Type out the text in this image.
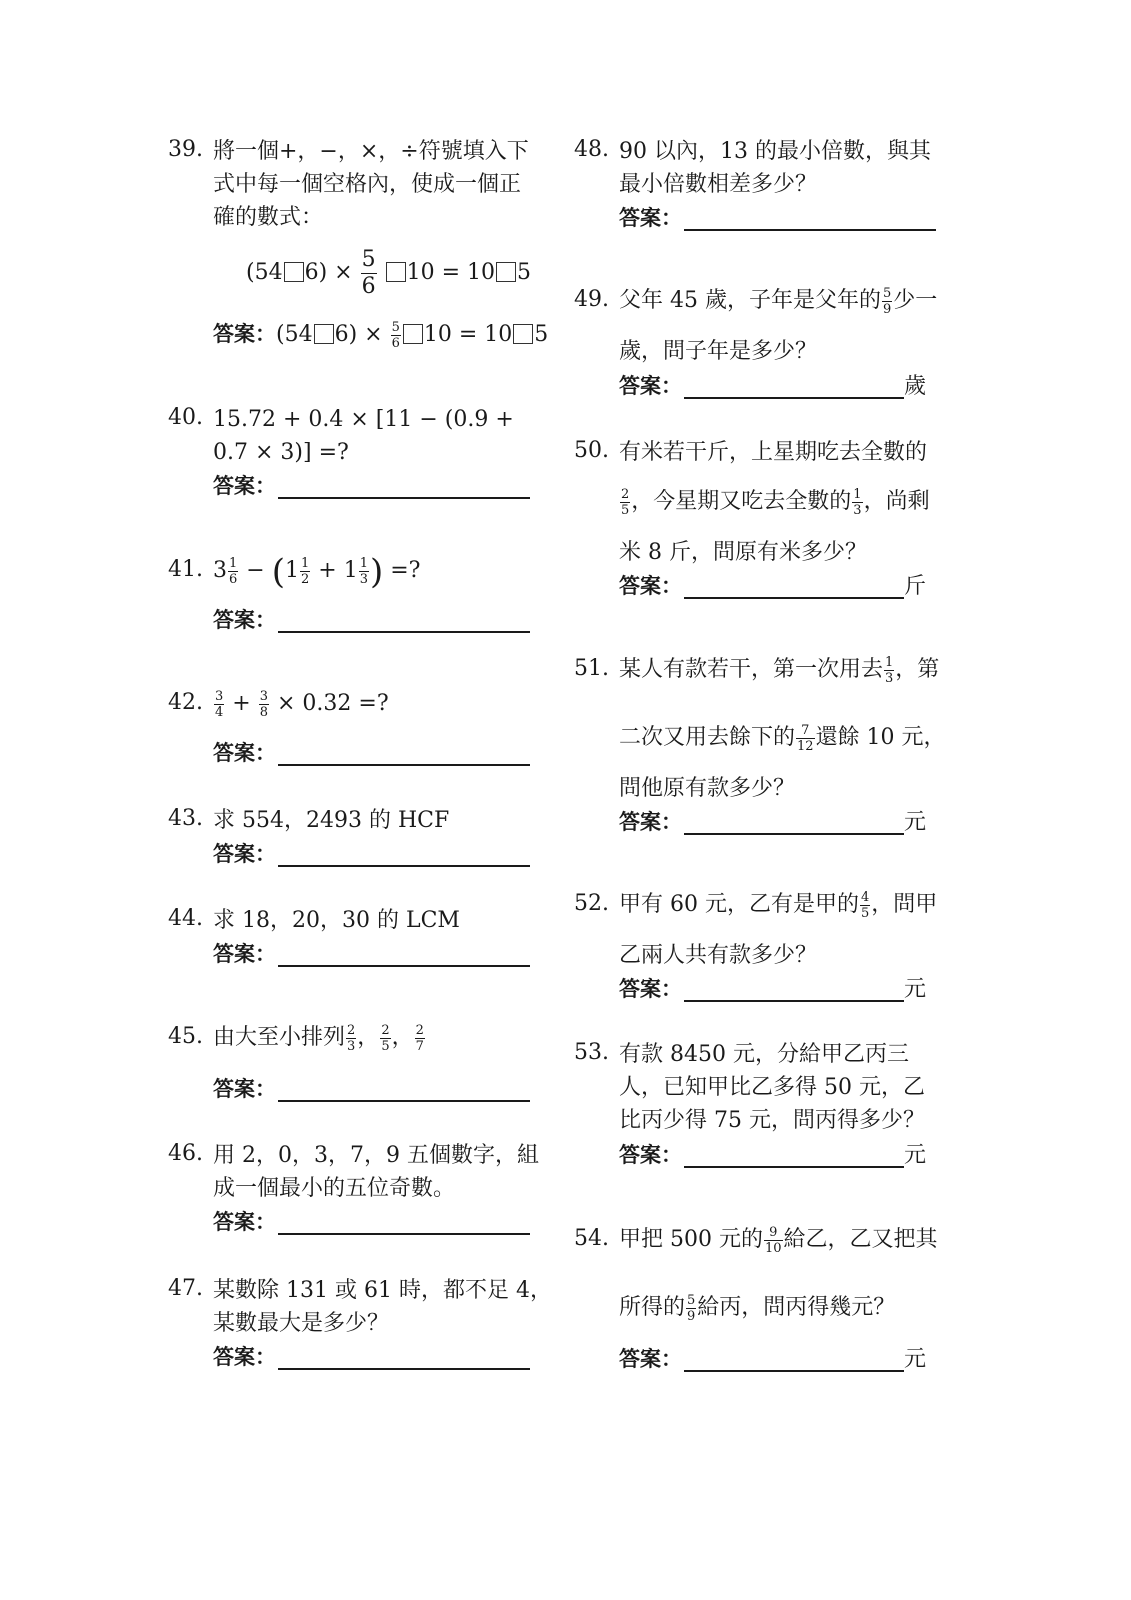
39. 將一個+，−，×，÷符號填入下
式中每一個空格內，使成一個正
確的數式：
(54 $6) \times \frac{5}{6} 10 = 10$ 5
答案：(54 $6) \times \frac{5}{6} 10 = 10$ 5
40. 15.72 + 0.4 × [11 − (0.9 +
0.7 × 3)] =?
答案：
41. $3 \frac{1}{6} - (1 \frac{1}{2} + 1 \frac{1}{3}$ ) =?
答案：
42. $\frac{3}{4} + \frac{3}{8} \times 0.32$ =?
答案：
43. 求 554，2493 的 HCF
答案：
44. 求 18，20，30 的 LCM
答案：
45. 由大至小排列 $\frac{2}{3}$ ， $\frac{2}{5}$ ， $\frac{2}{7}$
答案：
46. 用 2，0，3，7，9 五個數字，組
成一個最小的五位奇數。
答案：
47. 某數除 131 或 61 時，都不足 4，
某數最大是多少？
答案：
48. 90 以內，13 的最小倍數，與其
最小倍數相差多少？
答案：
49. 父年 45 歲，子年是父年的 $\frac{5}{9}$ 少一
歲，問子年是多少？
答案：	歲
50. 有米若干斤，上星期吃去全數的
$\frac{2}{5}$ ，今星期又吃去全數的 $\frac{1}{3}$ ，尚剩
米 8 斤，問原有米多少？
答案：	斤
51. 某人有款若干，第一次用去 $\frac{1}{3}$ ，第
二次又用去餘下的 $\frac{7}{12}$ 還餘 10 元，
問他原有款多少？
答案：	元
52. 甲有 60 元，乙有是甲的 $\frac{4}{5}$ ，問甲
乙兩人共有款多少？
答案：	元
53. 有款 8450 元，分給甲乙丙三
人，已知甲比乙多得 50 元，乙
比丙少得 75 元，問丙得多少？
答案：	元
54. 甲把 500 元的 $\frac{9}{10}$ 給乙，乙又把其
所得的 $\frac{5}{9}$ 給丙，問丙得幾元？
答案：	元
